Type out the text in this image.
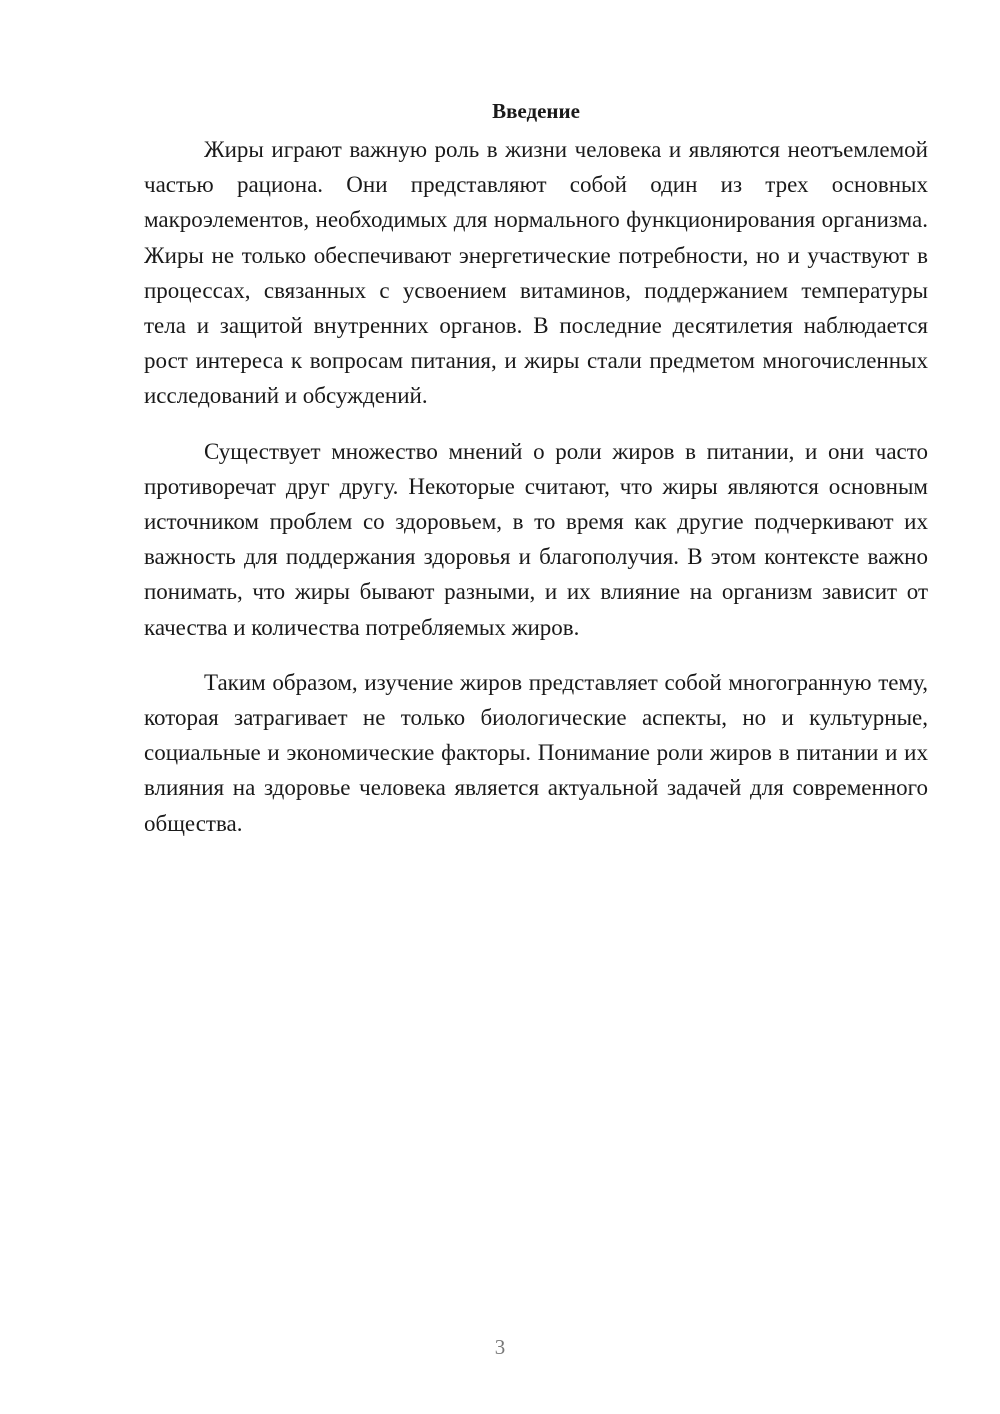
Введение

Жиры играют важную роль в жизни человека и являются неотъемлемой частью рациона. Они представляют собой один из трех основных макроэлементов, необходимых для нормального функционирования организма. Жиры не только обеспечивают энергетические потребности, но и участвуют в процессах, связанных с усвоением витаминов, поддержанием температуры тела и защитой внутренних органов. В последние десятилетия наблюдается рост интереса к вопросам питания, и жиры стали предметом многочисленных исследований и обсуждений.

Существует множество мнений о роли жиров в питании, и они часто противоречат друг другу. Некоторые считают, что жиры являются основным источником проблем со здоровьем, в то время как другие подчеркивают их важность для поддержания здоровья и благополучия. В этом контексте важно понимать, что жиры бывают разными, и их влияние на организм зависит от качества и количества потребляемых жиров.

Таким образом, изучение жиров представляет собой многогранную тему, которая затрагивает не только биологические аспекты, но и культурные, социальные и экономические факторы. Понимание роли жиров в питании и их влияния на здоровье человека является актуальной задачей для современного общества.

3
